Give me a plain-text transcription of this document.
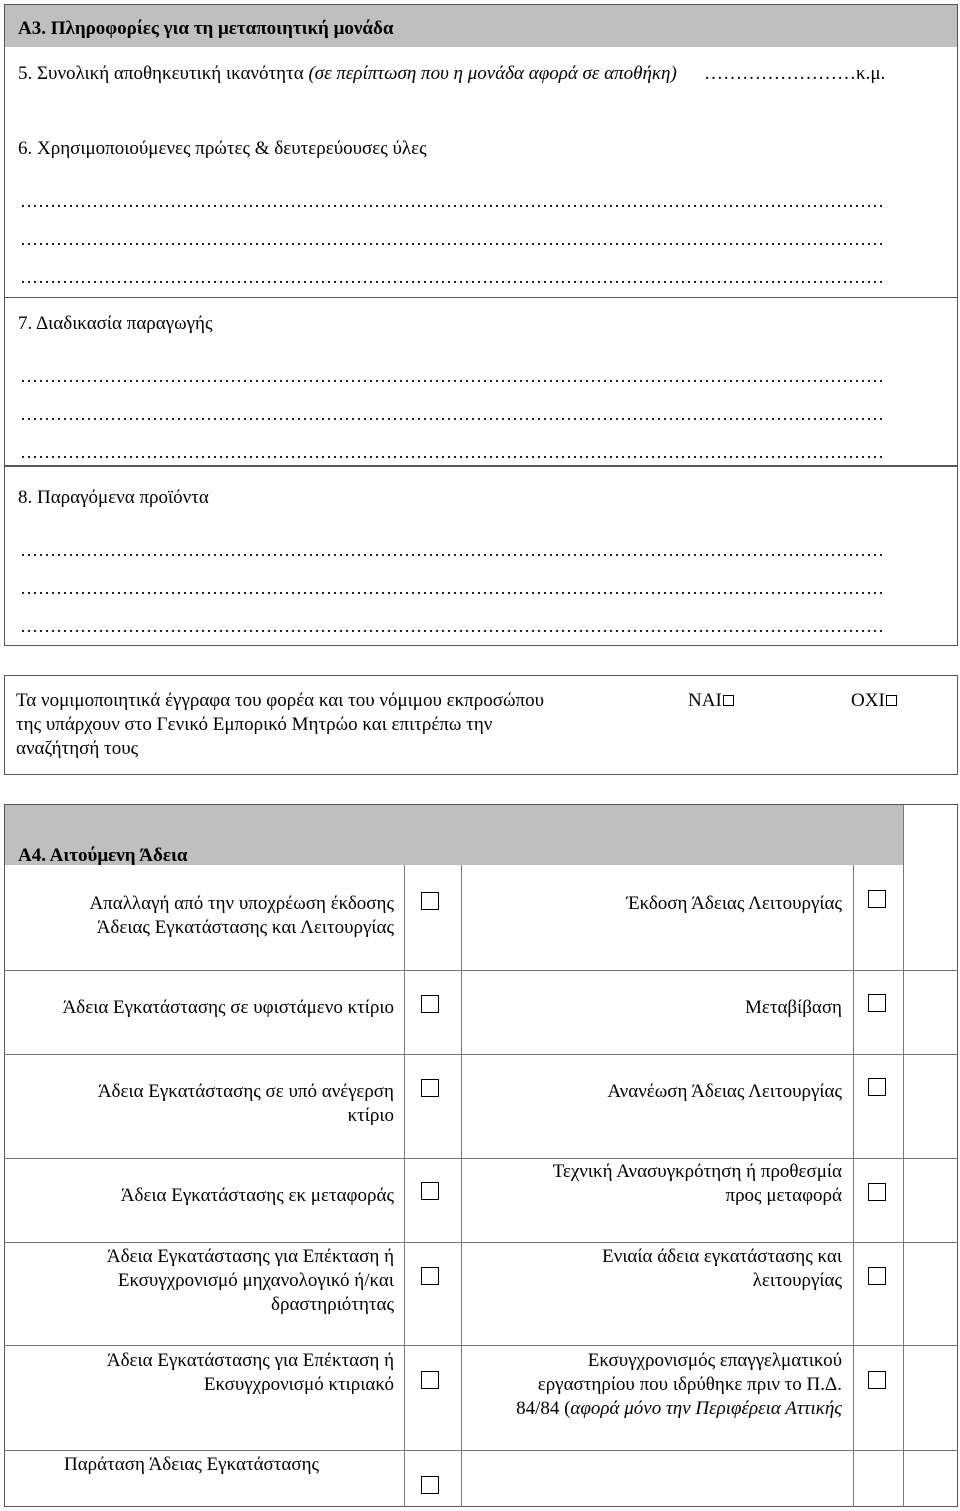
Α3. Πληροφορίες για τη μεταποιητική μονάδα
5. Συνολική αποθηκευτική ικανότητα (σε περίπτωση που η μονάδα αφορά σε αποθήκη) ……………………κ.μ.
6. Χρησιμοποιούμενες πρώτες & δευτερεύουσες ύλες
………………………………………………………………………………………………………………………………
………………………………………………………………………………………………………………………………
………………………………………………………………………………………………………………………………
7. Διαδικασία παραγωγής
………………………………………………………………………………………………………………………………
………………………………………………………………………………………………………………………………
………………………………………………………………………………………………………………………………
8. Παραγόμενα προϊόντα
………………………………………………………………………………………………………………………………
………………………………………………………………………………………………………………………………
………………………………………………………………………………………………………………………………
Τα νομιμοποιητικά έγγραφα του φορέα και του νόμιμου εκπροσώπου
της υπάρχουν στο Γενικό Εμπορικό Μητρώο και επιτρέπω την
αναζήτησή τους
ΝΑΙ	ΟΧΙ
Α4. Αιτούμενη Άδεια
Απαλλαγή από την υποχρέωση έκδοσης
Άδειας Εγκατάστασης και Λειτουργίας
Άδεια Εγκατάστασης σε υφιστάμενο κτίριο
Άδεια Εγκατάστασης σε υπό ανέγερση
κτίριο
Άδεια Εγκατάστασης εκ μεταφοράς
Άδεια Εγκατάστασης για Επέκταση ή
Εκσυγχρονισμό μηχανολογικό ή/και
δραστηριότητας
Άδεια Εγκατάστασης για Επέκταση ή
Εκσυγχρονισμό κτιριακό
Παράταση Άδειας Εγκατάστασης
Έκδοση Άδειας Λειτουργίας
Μεταβίβαση
Ανανέωση Άδειας Λειτουργίας
Τεχνική Ανασυγκρότηση ή προθεσμία
προς μεταφορά
Ενιαία άδεια εγκατάστασης και
λειτουργίας
Εκσυγχρονισμός επαγγελματικού
εργαστηρίου που ιδρύθηκε πριν το Π.Δ.
84/84 (αφορά μόνο την Περιφέρεια Αττικής
